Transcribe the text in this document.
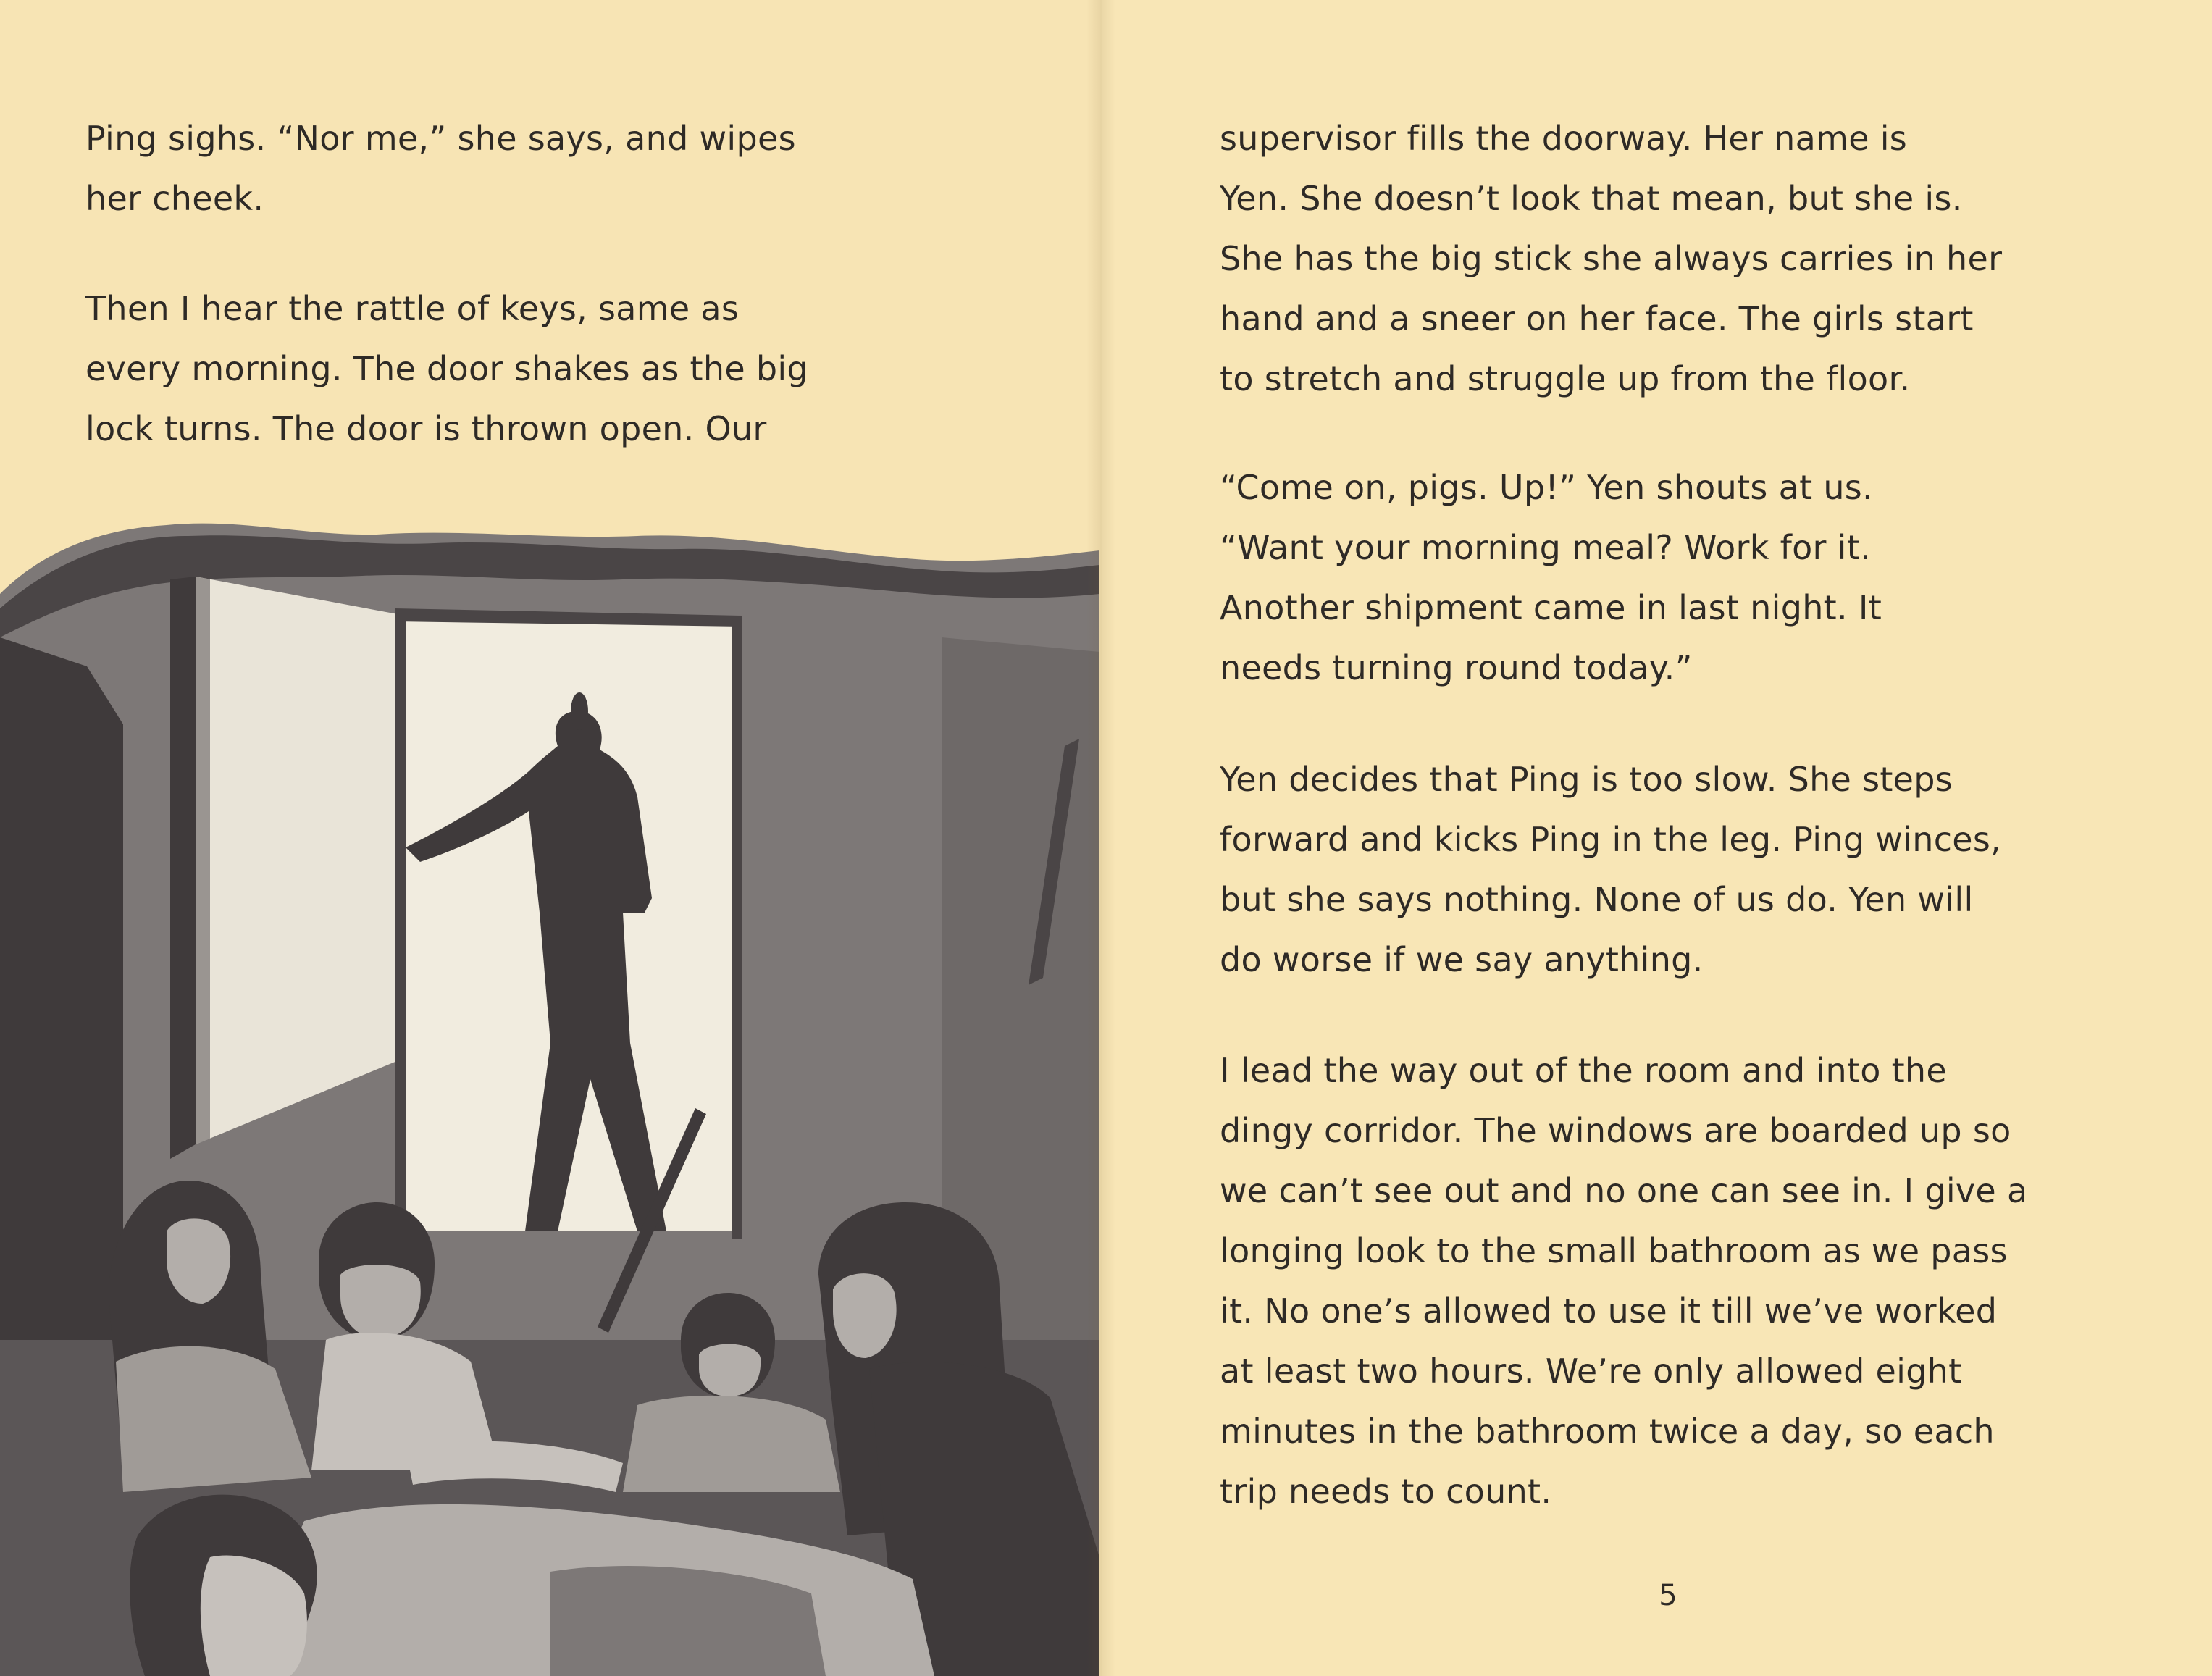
Ping sighs. “Nor me,” she says, and wipes
her cheek.

Then I hear the rattle of keys, same as
every morning. The door shakes as the big
lock turns. The door is thrown open. Our

supervisor fills the doorway. Her name is
Yen. She doesn’t look that mean, but she is.
She has the big stick she always carries in her
hand and a sneer on her face. The girls start
to stretch and struggle up from the floor.

“Come on, pigs. Up!” Yen shouts at us.
“Want your morning meal? Work for it.
Another shipment came in last night. It
needs turning round today.”

Yen decides that Ping is too slow. She steps
forward and kicks Ping in the leg. Ping winces,
but she says nothing. None of us do. Yen will
do worse if we say anything.

I lead the way out of the room and into the
dingy corridor. The windows are boarded up so
we can’t see out and no one can see in. I give a
longing look to the small bathroom as we pass
it. No one’s allowed to use it till we’ve worked
at least two hours. We’re only allowed eight
minutes in the bathroom twice a day, so each
trip needs to count.

5
